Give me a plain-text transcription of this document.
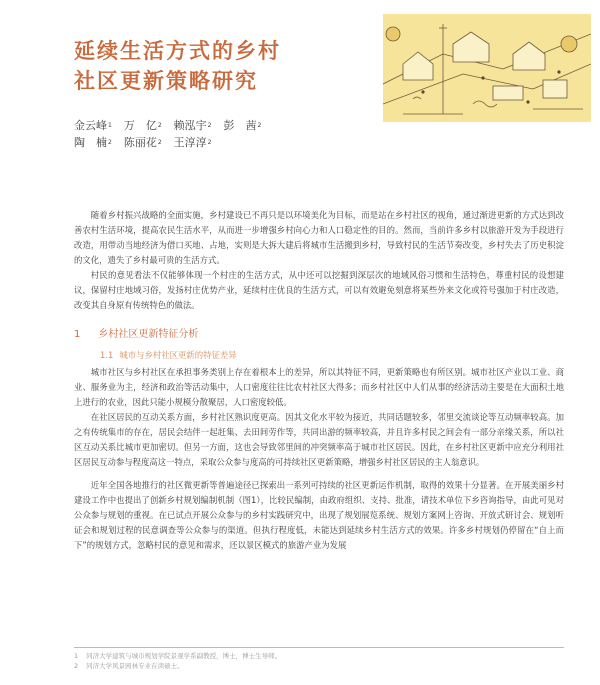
延续生活方式的乡村
社区更新策略研究
金云峰$^1$ 万　亿$^2$ 赖泓宇$^2$ 彭　茜$^2$
陶　楠$^2$ 陈丽花$^2$ 王淳淳$^2$

随着乡村振兴战略的全面实施，乡村建设已不再只是以环境美化为目标，而是站在乡村社区的视角，通过渐进更新的方式达到改善农村生活环境，提高农民生活水平，从而进一步增强乡村向心力和人口稳定性的目的。然而，当前许多乡村以旅游开发为手段进行改造，用带动当地经济为借口买地、占地，实则是大拆大建后将城市生活搬到乡村，导致村民的生活节奏改变，乡村失去了历史积淀的文化，遗失了乡村最可贵的生活方式。

村民的意见看法不仅能够体现一个村庄的生活方式，从中还可以挖掘到深层次的地域风俗习惯和生活特色，尊重村民的设想建议，保留村庄地域习俗，发扬村庄优势产业，延续村庄优良的生活方式，可以有效避免刻意将某些外来文化或符号强加于村庄改造，改变其自身原有传统特色的做法。

1 乡村社区更新特征分析
1.1 城市与乡村社区更新的特征差异

城市社区与乡村社区在承担事务类别上存在着根本上的差异，所以其特征不同，更新策略也有所区别。城市社区产业以工业、商业、服务业为主，经济和政治等活动集中，人口密度往往比农村社区大得多；而乡村社区中人们从事的经济活动主要是在大面积土地上进行的农业，因此只能小规模分散聚居，人口密度较低。

在社区居民的互动关系方面，乡村社区熟识度更高。因其文化水平较为接近，共同话题较多，邻里交流谈论等互动频率较高。加之有传统集市的存在，居民会结伴一起赶集、去田间劳作等，共同出游的频率较高，并且许多村民之间会有一部分亲缘关系，所以社区互动关系比城市更加密切。但另一方面，这也会导致邻里间的冲突频率高于城市社区居民。因此，在乡村社区更新中应充分利用社区居民互动参与程度高这一特点，采取公众参与度高的可持续社区更新策略，增强乡村社区居民的主人翁意识。

近年全国各地推行的社区微更新等普遍途径已探索出一系列可持续的社区更新运作机制，取得的效果十分显著。在开展美丽乡村建设工作中也提出了创新乡村规划编制机制（图1），比较民编制，由政府组织、支持、批准，请技术单位下乡咨询指导，由此可见对公众参与规划的重视。在已试点开展公众参与的乡村实践研究中，出现了规划展览系统、规划方案网上咨询、开放式研讨会、规划听证会和规划过程的民意调查等公众参与的渠道。但执行程度低，未能达到延续乡村生活方式的效果。许多乡村规划仍停留在“自上而下”的规划方式，忽略村民的意见和需求，还以景区模式的旅游产业为发展

1 同济大学建筑与城市规划学院景观学系副教授，博士，博士生导师。
2 同济大学风景园林专业在读硕士。
